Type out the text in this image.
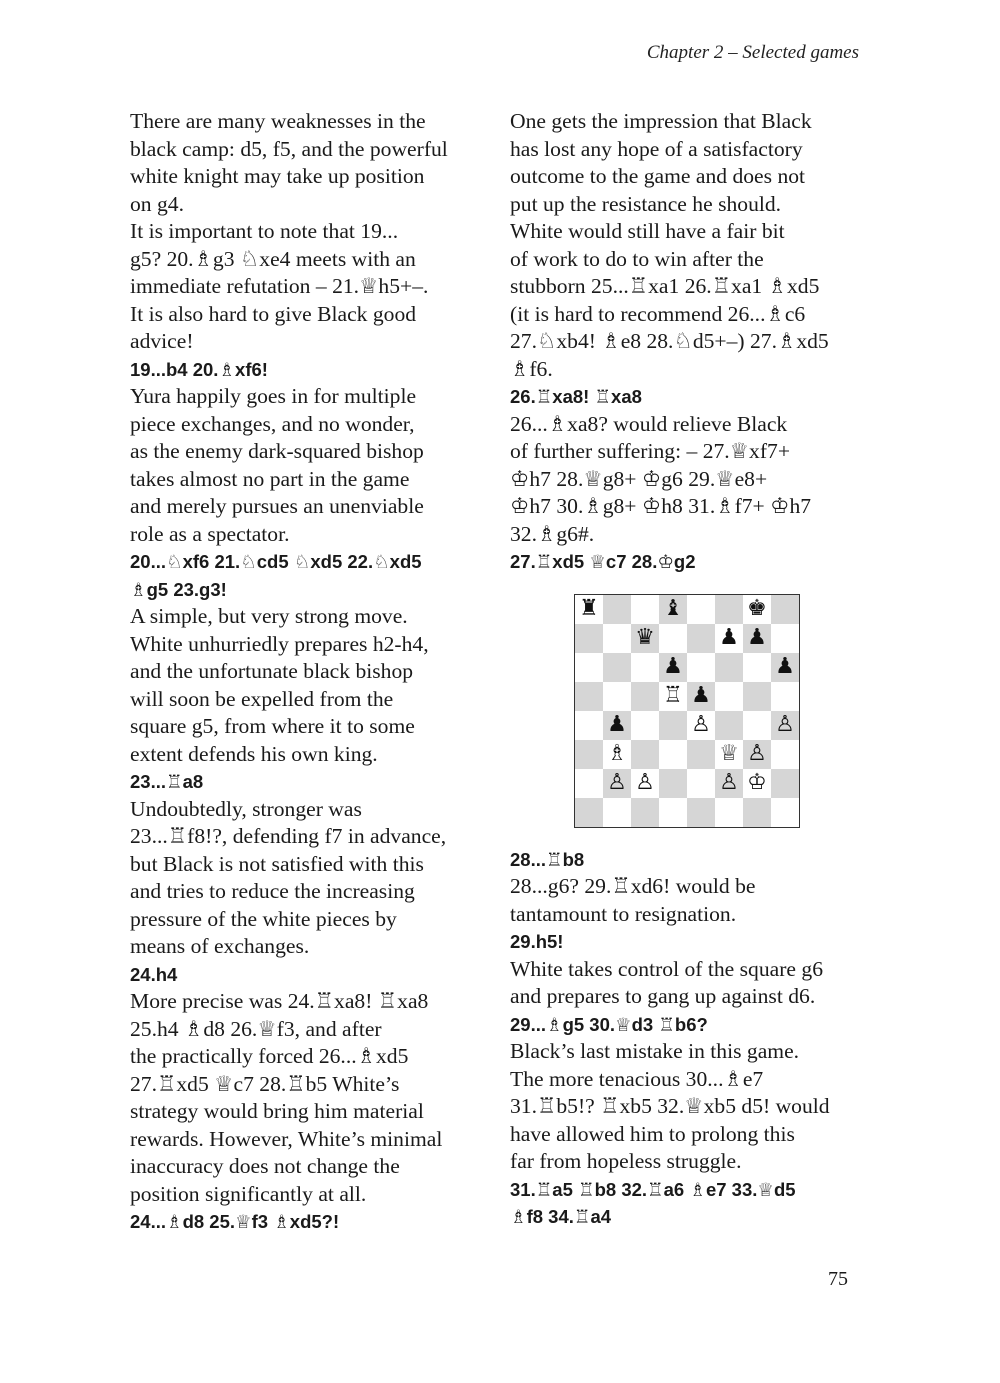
Chapter 2 – Selected games
There are many weaknesses in the
black camp: d5, f5, and the powerful
white knight may take up position
on g4.
It is important to note that 19...
g5? 20.♗g3 ♘xe4 meets with an
immediate refutation – 21.♕h5+–.
It is also hard to give Black good
advice!
19...b4 20.♗xf6!
Yura happily goes in for multiple
piece exchanges, and no wonder,
as the enemy dark-squared bishop
takes almost no part in the game
and merely pursues an unenviable
role as a spectator.
20...♘xf6 21.♘cd5 ♘xd5 22.♘xd5
♗g5 23.g3!
A simple, but very strong move.
White unhurriedly prepares h2-h4,
and the unfortunate black bishop
will soon be expelled from the
square g5, from where it to some
extent defends his own king.
23...♖a8
Undoubtedly, stronger was
23...♖f8!?, defending f7 in advance,
but Black is not satisfied with this
and tries to reduce the increasing
pressure of the white pieces by
means of exchanges.
24.h4
More precise was 24.♖xa8! ♖xa8
25.h4 ♗d8 26.♕f3, and after
the practically forced 26...♗xd5
27.♖xd5 ♕c7 28.♖b5 White’s
strategy would bring him material
rewards. However, White’s minimal
inaccuracy does not change the
position significantly at all.
24...♗d8 25.♕f3 ♗xd5?!
One gets the impression that Black
has lost any hope of a satisfactory
outcome to the game and does not
put up the resistance he should.
White would still have a fair bit
of work to do to win after the
stubborn 25...♖xa1 26.♖xa1 ♗xd5
(it is hard to recommend 26...♗c6
27.♘xb4! ♗e8 28.♘d5+–) 27.♗xd5
♗f6.
26.♖xa8! ♖xa8
26...♗xa8? would relieve Black
of further suffering: – 27.♕xf7+
♔h7 28.♕g8+ ♔g6 29.♕e8+
♔h7 30.♗g8+ ♔h8 31.♗f7+ ♔h7
32.♗g6#.
27.♖xd5 ♕c7 28.♔g2
♜	♝	♚
♛	♟ ♟
♟	♟
♖ ♟
♟	♙	♙
♗	♕ ♙
♙ ♙	♙ ♔
28...♖b8
28...g6? 29.♖xd6! would be
tantamount to resignation.
29.h5!
White takes control of the square g6
and prepares to gang up against d6.
29...♗g5 30.♕d3 ♖b6?
Black’s last mistake in this game.
The more tenacious 30...♗e7
31.♖b5!? ♖xb5 32.♕xb5 d5! would
have allowed him to prolong this
far from hopeless struggle.
31.♖a5 ♖b8 32.♖a6 ♗e7 33.♕d5
♗f8 34.♖a4
75
